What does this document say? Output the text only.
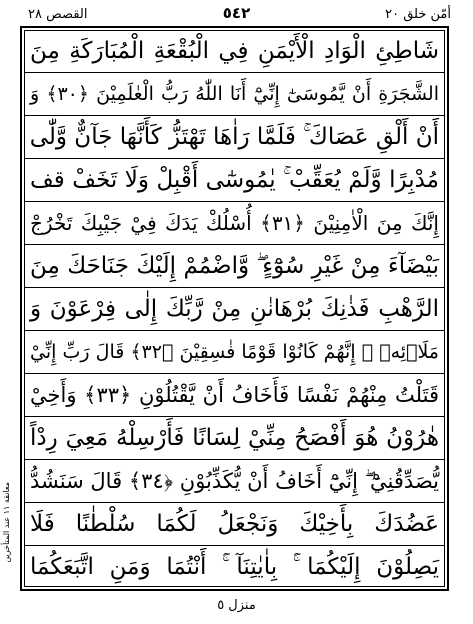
القصص ٢٨	٥٤٢	أمّن خلق ٢٠
شَاطِئِ الْوَادِ الْأَيْمَنِ فِي الْبُقْعَةِ الْمُبَارَكَةِ مِنَ
الشَّجَرَةِ أَنْ يَّمُوسَىٰٓ إِنِّيْٓ أَنَا اللّٰهُ رَبُّ الْعٰلَمِيْنَ ﴿٣٠﴾ وَ
أَنْ أَلْقِ عَصَاكَ ۚ فَلَمَّا رَاٰهَا تَهْتَزُّ كَأَنَّهَا جَآنٌّ وَّلّٰى
مُدْبِرًا وَّلَمْ يُعَقِّبْ ۚ يٰمُوسٰٓى أَقْبِلْ وَلَا تَخَفْ قف
إِنَّكَ مِنَ الْاٰمِنِيْنَ ﴿٣١﴾ أُسْلُكْ يَدَكَ فِيْ جَيْبِكَ تَخْرُجْ
بَيْضَآءَ مِنْ غَيْرِ سُوْٓءٍ ۖ وَّاضْمُمْ إِلَيْكَ جَنَاحَكَ مِنَ
الرَّهْبِ فَذٰنِكَ بُرْهَانٰنِ مِنْ رَّبِّكَ إِلٰى فِرْعَوْنَ وَ
مَلَا۠ئِهٖ ۗ إِنَّهُمْ كَانُوْا قَوْمًا فٰسِقِيْنَ ﴿٣٢﴾ قَالَ رَبِّ إِنِّيْ
قَتَلْتُ مِنْهُمْ نَفْسًا فَأَخَافُ أَنْ يَّقْتُلُوْنِ ﴿٣٣﴾ وَأَخِيْ
هٰرُوْنُ هُوَ أَفْصَحُ مِنِّيْ لِسَانًا فَأَرْسِلْهُ مَعِيَ رِدْاً
يُّصَدِّقُنِيْٓ ۖ إِنِّيْٓ أَخَافُ أَنْ يُّكَذِّبُوْنِ ﴿٣٤﴾ قَالَ سَنَشُدُّ
عَضُدَكَ بِأَخِيْكَ وَنَجْعَلُ لَكُمَا سُلْطٰنًا فَلَا
يَصِلُوْنَ إِلَيْكُمَا ۚۛ بِاٰيٰتِنَآ ۚۛ أَنْتُمَا وَمَنِ اتَّبَعَكُمَا
معانقة ١١ عند المتأخرين
منزل ٥
